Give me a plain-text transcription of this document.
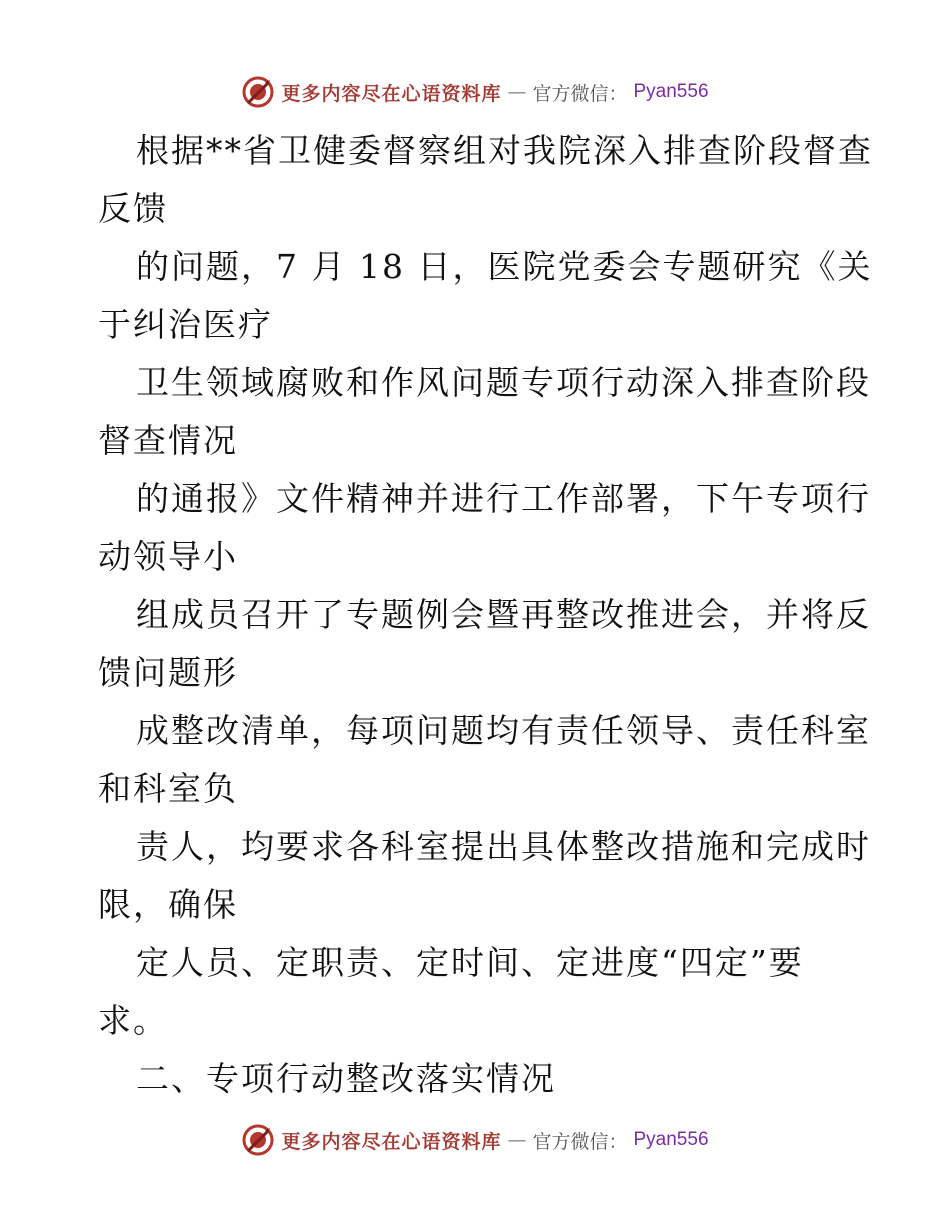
更多内容尽在心语资料库 — 官方微信： Pyan556
根据**省卫健委督察组对我院深入排查阶段督查
反馈
的问题，7 月 18 日，医院党委会专题研究《关
于纠治医疗
卫生领域腐败和作风问题专项行动深入排查阶段
督查情况
的通报》文件精神并进行工作部署，下午专项行
动领导小
组成员召开了专题例会暨再整改推进会，并将反
馈问题形
成整改清单，每项问题均有责任领导、责任科室
和科室负
责人，均要求各科室提出具体整改措施和完成时
限，确保
定人员、定职责、定时间、定进度“四定”要
求。
二、专项行动整改落实情况
更多内容尽在心语资料库 — 官方微信： Pyan556
